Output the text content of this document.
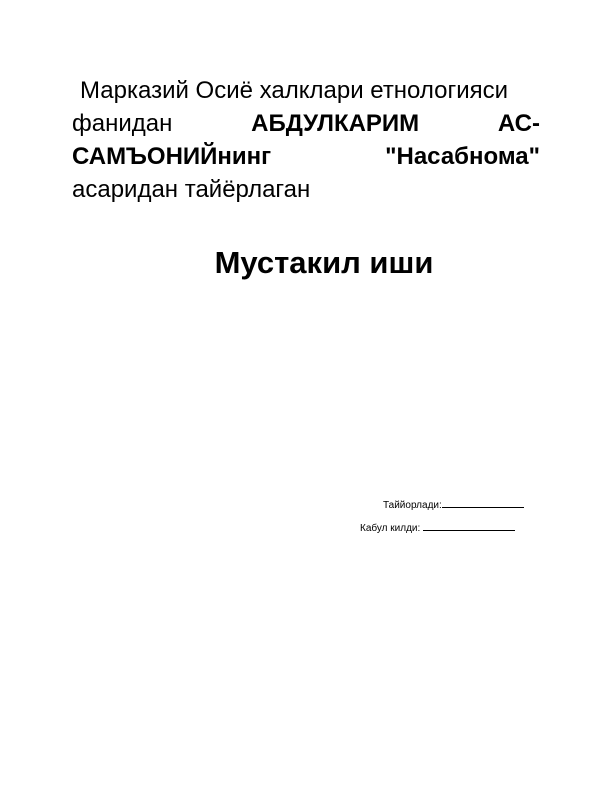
Марказий Осиё халклари етнологияси
фанидан	АБДУЛКАРИМ	АС-
САМЪОНИЙнинг	"Насабнома"
асаридан тайёрлаган
Мустакил иши
Таййорлади:
Кабул килди:
